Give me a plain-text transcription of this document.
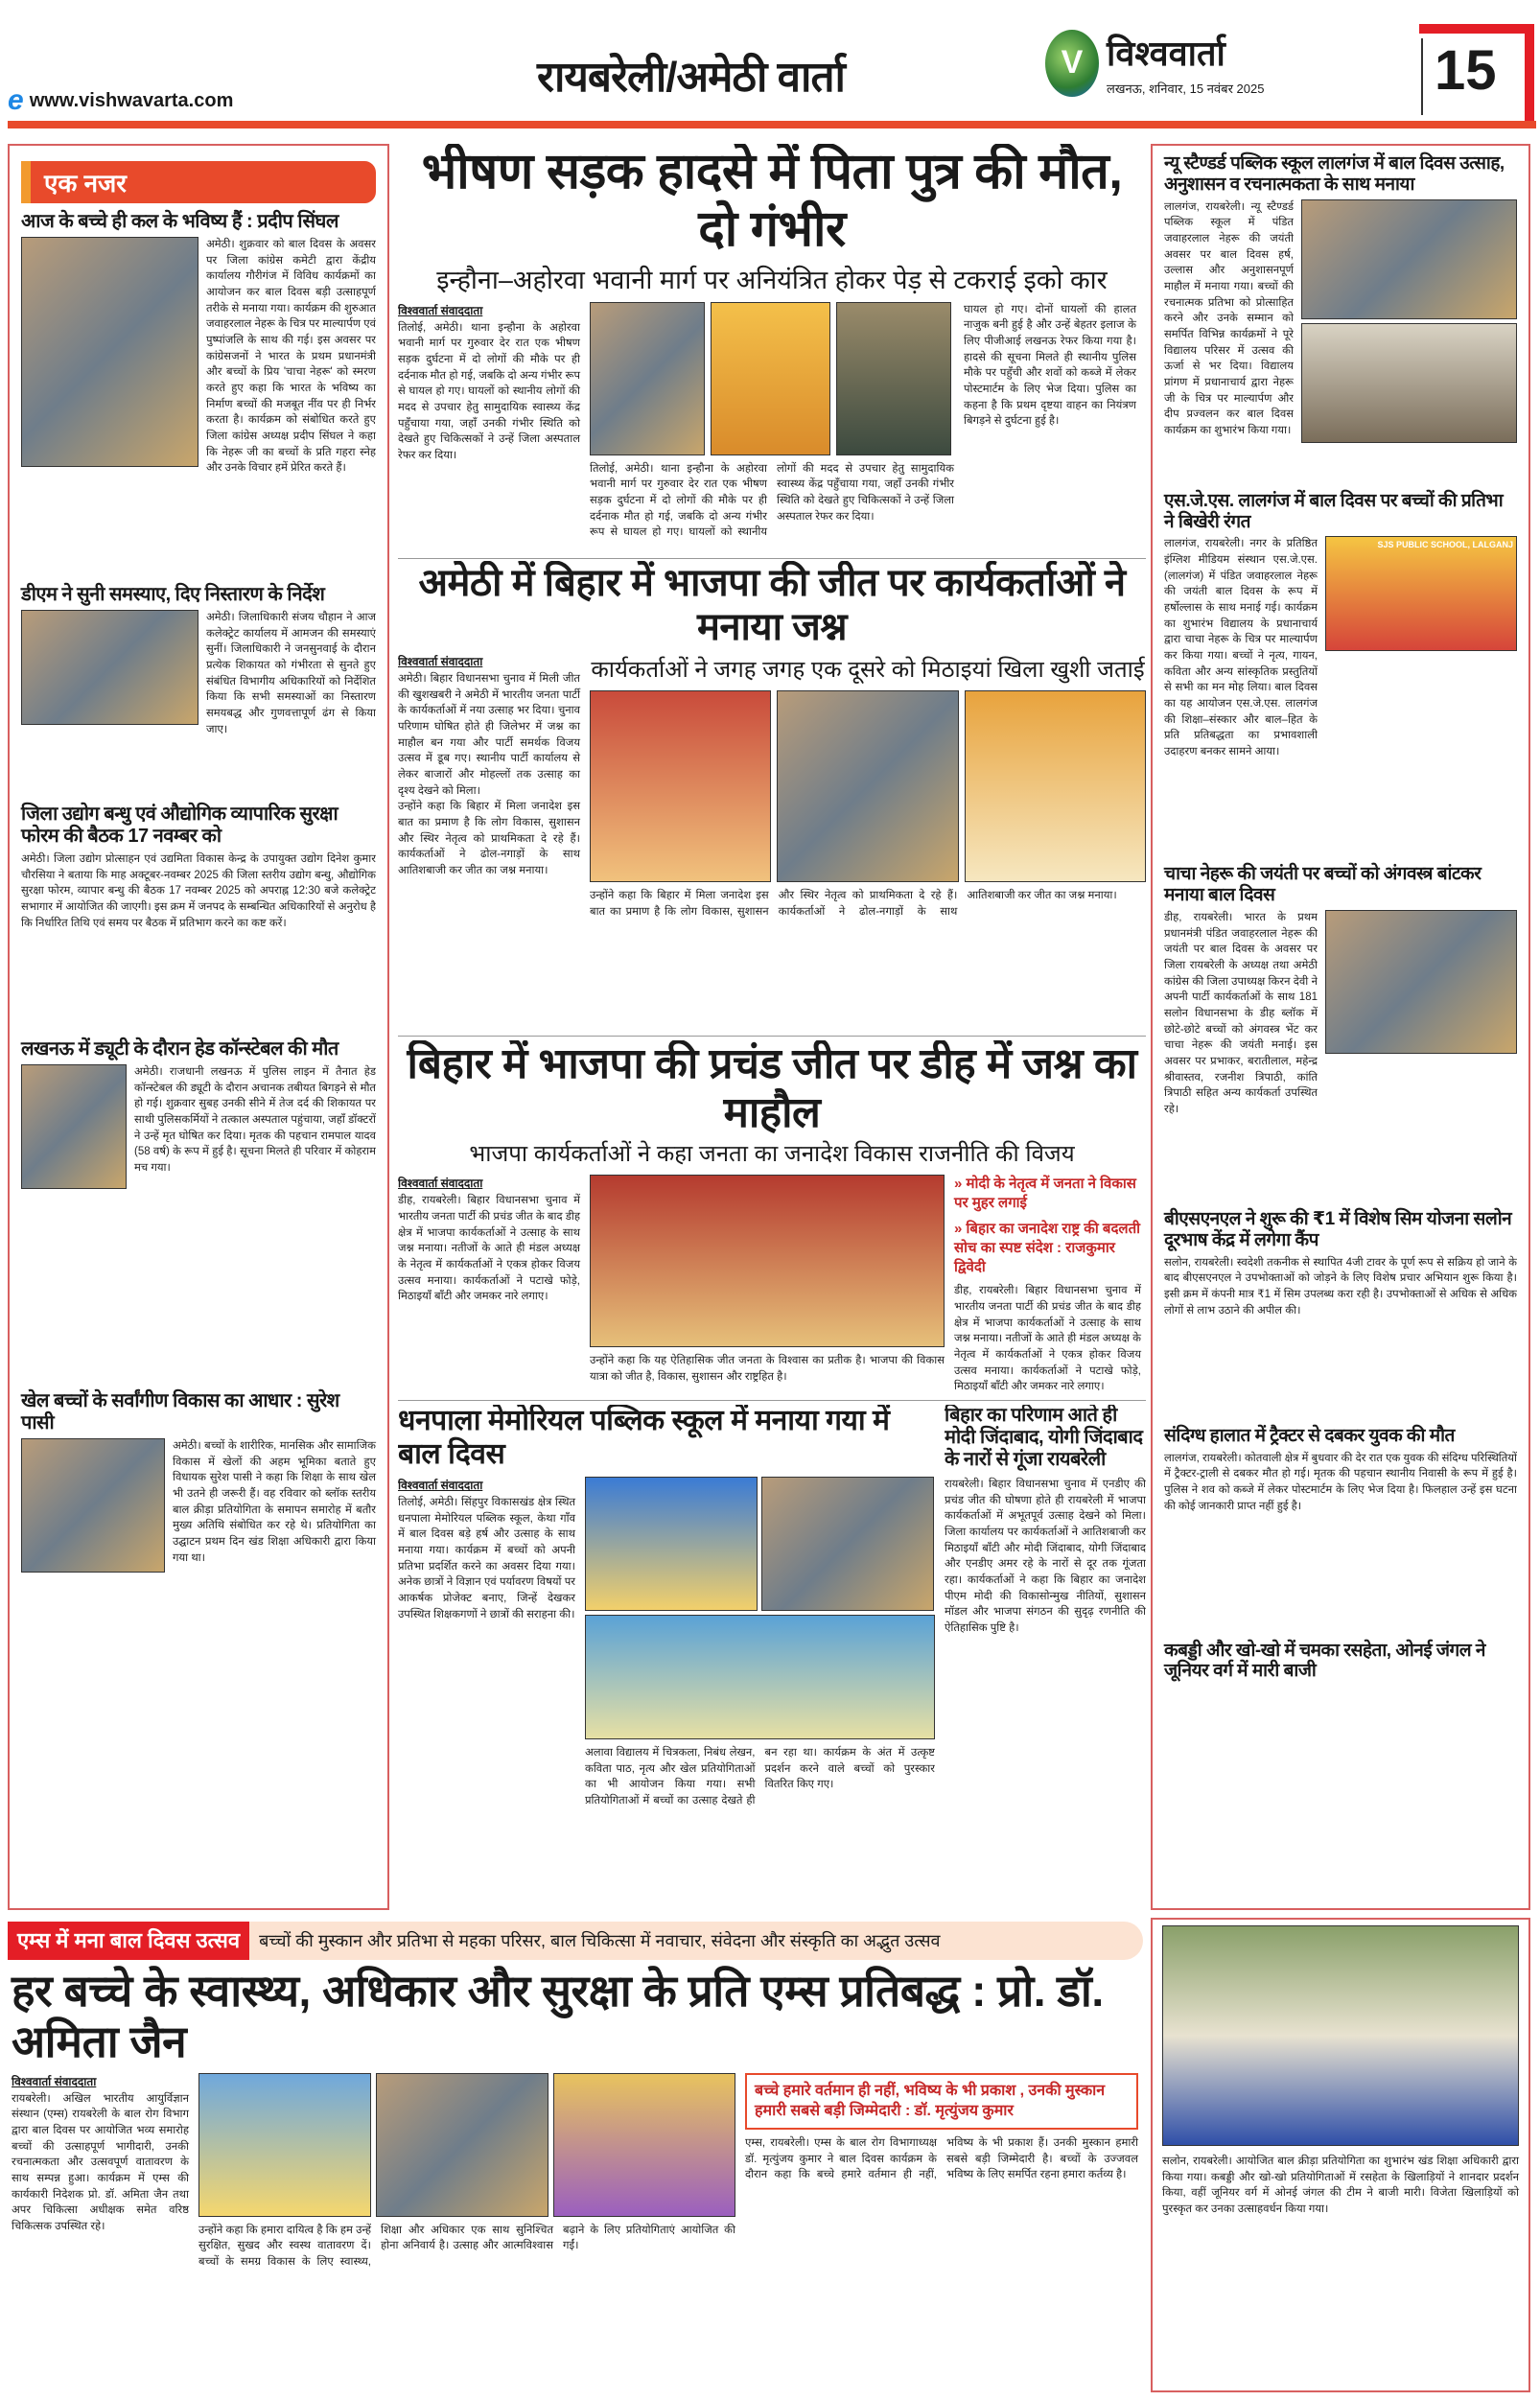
e www.vishwavarta.com	रायबरेली/अमेठी वार्ता	V विश्ववार्ता
लखनऊ, शनिवार, 15 नवंबर 2025	15
एक नजर
आज के बच्चे ही कल के भविष्य हैं : प्रदीप सिंघल
अमेठी। शुक्रवार को बाल दिवस के अवसर पर जिला कांग्रेस कमेटी द्वारा केंद्रीय कार्यालय गौरीगंज में विविध कार्यक्रमों का आयोजन कर बाल दिवस बड़ी उत्साहपूर्ण तरीके से मनाया गया। कार्यक्रम की शुरुआत जवाहरलाल नेहरू के चित्र पर माल्यार्पण एवं पुष्पांजलि के साथ की गई। इस अवसर पर कांग्रेसजनों ने भारत के प्रथम प्रधानमंत्री और बच्चों के प्रिय 'चाचा नेहरू' को स्मरण करते हुए कहा कि भारत के भविष्य का निर्माण बच्चों की मजबूत नींव पर ही निर्भर करता है। कार्यक्रम को संबोधित करते हुए जिला कांग्रेस अध्यक्ष प्रदीप सिंघल ने कहा कि नेहरू जी का बच्चों के प्रति गहरा स्नेह और उनके विचार हमें प्रेरित करते हैं।
डीएम ने सुनी समस्याए, दिए निस्तारण के निर्देश
अमेठी। जिलाधिकारी संजय चौहान ने आज कलेक्ट्रेट कार्यालय में आमजन की समस्याएं सुनीं। जिलाधिकारी ने जनसुनवाई के दौरान प्रत्येक शिकायत को गंभीरता से सुनते हुए संबंधित विभागीय अधिकारियों को निर्देशित किया कि सभी समस्याओं का निस्तारण समयबद्ध और गुणवत्तापूर्ण ढंग से किया जाए।
जिला उद्योग बन्धु एवं औद्योगिक व्यापारिक सुरक्षा फोरम की बैठक 17 नवम्बर को
अमेठी। जिला उद्योग प्रोत्साहन एवं उद्यमिता विकास केन्द्र के उपायुक्त उद्योग दिनेश कुमार चौरसिया ने बताया कि माह अक्टूबर-नवम्बर 2025 की जिला स्तरीय उद्योग बन्धु, औद्योगिक सुरक्षा फोरम, व्यापार बन्धु की बैठक 17 नवम्बर 2025 को अपराह्न 12:30 बजे कलेक्ट्रेट सभागार में आयोजित की जाएगी। इस क्रम में जनपद के सम्बन्धित अधिकारियों से अनुरोध है कि निर्धारित तिथि एवं समय पर बैठक में प्रतिभाग करने का कष्ट करें।
लखनऊ में ड्यूटी के दौरान हेड कॉन्स्टेबल की मौत
अमेठी। राजधानी लखनऊ में पुलिस लाइन में तैनात हेड कॉन्स्टेबल की ड्यूटी के दौरान अचानक तबीयत बिगड़ने से मौत हो गई। शुक्रवार सुबह उनकी सीने में तेज दर्द की शिकायत पर साथी पुलिसकर्मियों ने तत्काल अस्पताल पहुंचाया, जहाँ डॉक्टरों ने उन्हें मृत घोषित कर दिया। मृतक की पहचान रामपाल यादव (58 वर्ष) के रूप में हुई है। सूचना मिलते ही परिवार में कोहराम मच गया।
खेल बच्चों के सर्वांगीण विकास का आधार : सुरेश पासी
अमेठी। बच्चों के शारीरिक, मानसिक और सामाजिक विकास में खेलों की अहम भूमिका बताते हुए विधायक सुरेश पासी ने कहा कि शिक्षा के साथ खेल भी उतने ही जरूरी हैं। वह रविवार को ब्लॉक स्तरीय बाल क्रीड़ा प्रतियोगिता के समापन समारोह में बतौर मुख्य अतिथि संबोधित कर रहे थे। प्रतियोगिता का उद्घाटन प्रथम दिन खंड शिक्षा अधिकारी द्वारा किया गया था।
भीषण सड़क हादसे में पिता पुत्र की मौत, दो गंभीर
इन्हौना–अहोरवा भवानी मार्ग पर अनियंत्रित होकर पेड़ से टकराई इको कार
विश्ववार्ता संवाददाता
तिलोई, अमेठी। थाना इन्हौना के अहोरवा भवानी मार्ग पर गुरुवार देर रात एक भीषण सड़क दुर्घटना में दो लोगों की मौके पर ही दर्दनाक मौत हो गई, जबकि दो अन्य गंभीर रूप से घायल हो गए। घायलों को स्थानीय लोगों की मदद से उपचार हेतु सामुदायिक स्वास्थ्य केंद्र पहुँचाया गया, जहाँ उनकी गंभीर स्थिति को देखते हुए चिकित्सकों ने उन्हें जिला अस्पताल रेफर कर दिया।
तिलोई, अमेठी। थाना इन्हौना के अहोरवा भवानी मार्ग पर गुरुवार देर रात एक भीषण सड़क दुर्घटना में दो लोगों की मौके पर ही दर्दनाक मौत हो गई, जबकि दो अन्य गंभीर रूप से घायल हो गए। घायलों को स्थानीय लोगों की मदद से उपचार हेतु सामुदायिक स्वास्थ्य केंद्र पहुँचाया गया, जहाँ उनकी गंभीर स्थिति को देखते हुए चिकित्सकों ने उन्हें जिला अस्पताल रेफर कर दिया।
घायल हो गए। दोनों घायलों की हालत नाजुक बनी हुई है और उन्हें बेहतर इलाज के लिए पीजीआई लखनऊ रेफर किया गया है। हादसे की सूचना मिलते ही स्थानीय पुलिस मौके पर पहुँची और शवों को कब्जे में लेकर पोस्टमार्टम के लिए भेज दिया। पुलिस का कहना है कि प्रथम दृष्टया वाहन का नियंत्रण बिगड़ने से दुर्घटना हुई है।
अमेठी में बिहार में भाजपा की जीत पर कार्यकर्ताओं ने मनाया जश्न
विश्ववार्ता संवाददाता
अमेठी। बिहार विधानसभा चुनाव में मिली जीत की खुशखबरी ने अमेठी में भारतीय जनता पार्टी के कार्यकर्ताओं में नया उत्साह भर दिया। चुनाव परिणाम घोषित होते ही जिलेभर में जश्न का माहौल बन गया और पार्टी समर्थक विजय उत्सव में डूब गए। स्थानीय पार्टी कार्यालय से लेकर बाजारों और मोहल्लों तक उत्साह का दृश्य देखने को मिला।
उन्होंने कहा कि बिहार में मिला जनादेश इस बात का प्रमाण है कि लोग विकास, सुशासन और स्थिर नेतृत्व को प्राथमिकता दे रहे हैं। कार्यकर्ताओं ने ढोल-नगाड़ों के साथ आतिशबाजी कर जीत का जश्न मनाया।
कार्यकर्ताओं ने जगह जगह एक दूसरे को मिठाइयां खिला खुशी जताई
उन्होंने कहा कि बिहार में मिला जनादेश इस बात का प्रमाण है कि लोग विकास, सुशासन और स्थिर नेतृत्व को प्राथमिकता दे रहे हैं। कार्यकर्ताओं ने ढोल-नगाड़ों के साथ आतिशबाजी कर जीत का जश्न मनाया।
बिहार में भाजपा की प्रचंड जीत पर डीह में जश्न का माहौल
भाजपा कार्यकर्ताओं ने कहा जनता का जनादेश विकास राजनीति की विजय
विश्ववार्ता संवाददाता
डीह, रायबरेली। बिहार विधानसभा चुनाव में भारतीय जनता पार्टी की प्रचंड जीत के बाद डीह क्षेत्र में भाजपा कार्यकर्ताओं ने उत्साह के साथ जश्न मनाया। नतीजों के आते ही मंडल अध्यक्ष के नेतृत्व में कार्यकर्ताओं ने एकत्र होकर विजय उत्सव मनाया। कार्यकर्ताओं ने पटाखे फोड़े, मिठाइयाँ बाँटी और जमकर नारे लगाए।
उन्होंने कहा कि यह ऐतिहासिक जीत जनता के विश्वास का प्रतीक है। भाजपा की विकास यात्रा को जीत है, विकास, सुशासन और राष्ट्रहित है।
» मोदी के नेतृत्व में जनता ने विकास पर मुहर लगाई
» बिहार का जनादेश राष्ट्र की बदलती सोच का स्पष्ट संदेश : राजकुमार द्विवेदी
डीह, रायबरेली। बिहार विधानसभा चुनाव में भारतीय जनता पार्टी की प्रचंड जीत के बाद डीह क्षेत्र में भाजपा कार्यकर्ताओं ने उत्साह के साथ जश्न मनाया। नतीजों के आते ही मंडल अध्यक्ष के नेतृत्व में कार्यकर्ताओं ने एकत्र होकर विजय उत्सव मनाया। कार्यकर्ताओं ने पटाखे फोड़े, मिठाइयाँ बाँटी और जमकर नारे लगाए।
धनपाला मेमोरियल पब्लिक स्कूल में मनाया गया में बाल दिवस
विश्ववार्ता संवाददाता
तिलोई, अमेठी। सिंहपुर विकासखंड क्षेत्र स्थित धनपाला मेमोरियल पब्लिक स्कूल, केथा गाँव में बाल दिवस बड़े हर्ष और उत्साह के साथ मनाया गया। कार्यक्रम में बच्चों को अपनी प्रतिभा प्रदर्शित करने का अवसर दिया गया। अनेक छात्रों ने विज्ञान एवं पर्यावरण विषयों पर आकर्षक प्रोजेक्ट बनाए, जिन्हें देखकर उपस्थित शिक्षकगणों ने छात्रों की सराहना की।
अलावा विद्यालय में चित्रकला, निबंध लेखन, कविता पाठ, नृत्य और खेल प्रतियोगिताओं का भी आयोजन किया गया। सभी प्रतियोगिताओं में बच्चों का उत्साह देखते ही बन रहा था। कार्यक्रम के अंत में उत्कृष्ट प्रदर्शन करने वाले बच्चों को पुरस्कार वितरित किए गए।
बिहार का परिणाम आते ही मोदी जिंदाबाद, योगी जिंदाबाद के नारों से गूंजा रायबरेली
रायबरेली। बिहार विधानसभा चुनाव में एनडीए की प्रचंड जीत की घोषणा होते ही रायबरेली में भाजपा कार्यकर्ताओं में अभूतपूर्व उत्साह देखने को मिला। जिला कार्यालय पर कार्यकर्ताओं ने आतिशबाजी कर मिठाइयाँ बाँटी और मोदी जिंदाबाद, योगी जिंदाबाद और एनडीए अमर रहे के नारों से दूर तक गूंजता रहा। कार्यकर्ताओं ने कहा कि बिहार का जनादेश पीएम मोदी की विकासोन्मुख नीतियों, सुशासन मॉडल और भाजपा संगठन की सुदृढ़ रणनीति की ऐतिहासिक पुष्टि है।
न्यू स्टैण्डर्ड पब्लिक स्कूल लालगंज में बाल दिवस उत्साह, अनुशासन व रचनात्मकता के साथ मनाया
लालगंज, रायबरेली। न्यू स्टैण्डर्ड पब्लिक स्कूल में पंडित जवाहरलाल नेहरू की जयंती अवसर पर बाल दिवस हर्ष, उल्लास और अनुशासनपूर्ण माहौल में मनाया गया। बच्चों की रचनात्मक प्रतिभा को प्रोत्साहित करने और उनके सम्मान को समर्पित विभिन्न कार्यक्रमों ने पूरे विद्यालय परिसर में उत्सव की ऊर्जा से भर दिया। विद्यालय प्रांगण में प्रधानाचार्य द्वारा नेहरू जी के चित्र पर माल्यार्पण और दीप प्रज्वलन कर बाल दिवस कार्यक्रम का शुभारंभ किया गया।
एस.जे.एस. लालगंज में बाल दिवस पर बच्चों की प्रतिभा ने बिखेरी रंगत
लालगंज, रायबरेली। नगर के प्रतिष्ठित इंग्लिश मीडियम संस्थान एस.जे.एस. (लालगंज) में पंडित जवाहरलाल नेहरू की जयंती बाल दिवस के रूप में हर्षोल्लास के साथ मनाई गई। कार्यक्रम का शुभारंभ विद्यालय के प्रधानाचार्य द्वारा चाचा नेहरू के चित्र पर माल्यार्पण कर किया गया। बच्चों ने नृत्य, गायन, कविता और अन्य सांस्कृतिक प्रस्तुतियों से सभी का मन मोह लिया। बाल दिवस का यह आयोजन एस.जे.एस. लालगंज की शिक्षा–संस्कार और बाल–हित के प्रति प्रतिबद्धता का प्रभावशाली उदाहरण बनकर सामने आया।
SJS PUBLIC SCHOOL, LALGANJ
चाचा नेहरू की जयंती पर बच्चों को अंगवस्त्र बांटकर मनाया बाल दिवस
डीह, रायबरेली। भारत के प्रथम प्रधानमंत्री पंडित जवाहरलाल नेहरू की जयंती पर बाल दिवस के अवसर पर जिला रायबरेली के अध्यक्ष तथा अमेठी कांग्रेस की जिला उपाध्यक्ष किरन देवी ने अपनी पार्टी कार्यकर्ताओं के साथ 181 सलोन विधानसभा के डीह ब्लॉक में छोटे-छोटे बच्चों को अंगवस्त्र भेंट कर चाचा नेहरू की जयंती मनाई। इस अवसर पर प्रभाकर, बरातीलाल, महेन्द्र श्रीवास्तव, रजनीश त्रिपाठी, कांति त्रिपाठी सहित अन्य कार्यकर्ता उपस्थित रहे।
बीएसएनएल ने शुरू की ₹1 में विशेष सिम योजना सलोन दूरभाष केंद्र में लगेगा कैंप
सलोन, रायबरेली। स्वदेशी तकनीक से स्थापित 4जी टावर के पूर्ण रूप से सक्रिय हो जाने के बाद बीएसएनएल ने उपभोक्ताओं को जोड़ने के लिए विशेष प्रचार अभियान शुरू किया है। इसी क्रम में कंपनी मात्र ₹1 में सिम उपलब्ध करा रही है। उपभोक्ताओं से अधिक से अधिक लोगों से लाभ उठाने की अपील की।
संदिग्ध हालात में ट्रैक्टर से दबकर युवक की मौत
लालगंज, रायबरेली। कोतवाली क्षेत्र में बुधवार की देर रात एक युवक की संदिग्ध परिस्थितियों में ट्रैक्टर-ट्राली से दबकर मौत हो गई। मृतक की पहचान स्थानीय निवासी के रूप में हुई है। पुलिस ने शव को कब्जे में लेकर पोस्टमार्टम के लिए भेज दिया है। फिलहाल उन्हें इस घटना की कोई जानकारी प्राप्त नहीं हुई है।
कबड्डी और खो-खो में चमका रसहेता, ओनई जंगल ने जूनियर वर्ग में मारी बाजी
सलोन, रायबरेली। आयोजित बाल क्रीड़ा प्रतियोगिता का शुभारंभ खंड शिक्षा अधिकारी द्वारा किया गया। कबड्डी और खो-खो प्रतियोगिताओं में रसहेता के खिलाड़ियों ने शानदार प्रदर्शन किया, वहीं जूनियर वर्ग में ओनई जंगल की टीम ने बाजी मारी। विजेता खिलाड़ियों को पुरस्कृत कर उनका उत्साहवर्धन किया गया।
एम्स में मना बाल दिवस उत्सव	बच्चों की मुस्कान और प्रतिभा से महका परिसर, बाल चिकित्सा में नवाचार, संवेदना और संस्कृति का अद्भुत उत्सव
हर बच्चे के स्वास्थ्य, अधिकार और सुरक्षा के प्रति एम्स प्रतिबद्ध : प्रो. डॉ. अमिता जैन
विश्ववार्ता संवाददाता
रायबरेली। अखिल भारतीय आयुर्विज्ञान संस्थान (एम्स) रायबरेली के बाल रोग विभाग द्वारा बाल दिवस पर आयोजित भव्य समारोह बच्चों की उत्साहपूर्ण भागीदारी, उनकी रचनात्मकता और उत्सवपूर्ण वातावरण के साथ सम्पन्न हुआ। कार्यक्रम में एम्स की कार्यकारी निदेशक प्रो. डॉ. अमिता जैन तथा अपर चिकित्सा अधीक्षक समेत वरिष्ठ चिकित्सक उपस्थित रहे।	उन्होंने कहा कि हमारा दायित्व है कि हम उन्हें सुरक्षित, सुखद और स्वस्थ वातावरण दें। बच्चों के समग्र विकास के लिए स्वास्थ्य, शिक्षा और अधिकार एक साथ सुनिश्चित होना अनिवार्य है। उत्साह और आत्मविश्वास बढ़ाने के लिए प्रतियोगिताएं आयोजित की गईं।
बच्चे हमारे वर्तमान ही नहीं, भविष्य के भी प्रकाश , उनकी मुस्कान हमारी सबसे बड़ी जिम्मेदारी : डॉ. मृत्युंजय कुमार
एम्स, रायबरेली। एम्स के बाल रोग विभागाध्यक्ष डॉ. मृत्युंजय कुमार ने बाल दिवस कार्यक्रम के दौरान कहा कि बच्चे हमारे वर्तमान ही नहीं, भविष्य के भी प्रकाश हैं। उनकी मुस्कान हमारी सबसे बड़ी जिम्मेदारी है। बच्चों के उज्जवल भविष्य के लिए समर्पित रहना हमारा कर्तव्य है।
